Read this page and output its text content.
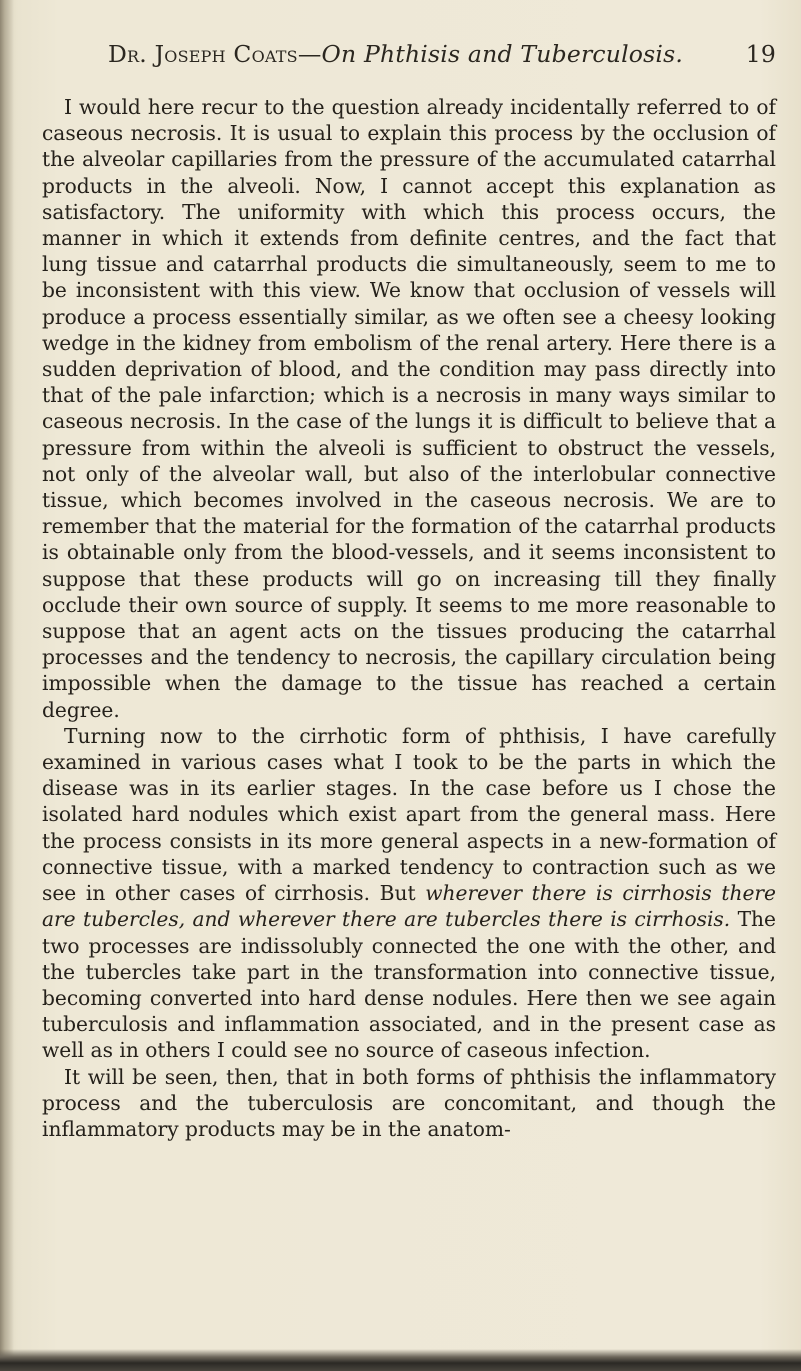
Dr. Joseph Coats—On Phthisis and Tuberculosis.	19

I would here recur to the question already incidentally referred to of caseous necrosis. It is usual to explain this process by the occlusion of the alveolar capillaries from the pressure of the accumulated catarrhal products in the alveoli. Now, I cannot accept this explanation as satisfactory. The uniformity with which this process occurs, the manner in which it extends from definite centres, and the fact that lung tissue and catarrhal products die simultaneously, seem to me to be inconsistent with this view. We know that occlusion of vessels will produce a process essentially similar, as we often see a cheesy looking wedge in the kidney from embolism of the renal artery. Here there is a sudden deprivation of blood, and the condition may pass directly into that of the pale infarction; which is a necrosis in many ways similar to caseous necrosis. In the case of the lungs it is difficult to believe that a pressure from within the alveoli is sufficient to obstruct the vessels, not only of the alveolar wall, but also of the interlobular connective tissue, which becomes involved in the caseous necrosis. We are to remember that the material for the formation of the catarrhal products is obtainable only from the blood-vessels, and it seems inconsistent to suppose that these products will go on increasing till they finally occlude their own source of supply. It seems to me more reasonable to suppose that an agent acts on the tissues producing the catarrhal processes and the tendency to necrosis, the capillary circulation being impossible when the damage to the tissue has reached a certain degree.

Turning now to the cirrhotic form of phthisis, I have carefully examined in various cases what I took to be the parts in which the disease was in its earlier stages. In the case before us I chose the isolated hard nodules which exist apart from the general mass. Here the process consists in its more general aspects in a new-formation of connective tissue, with a marked tendency to contraction such as we see in other cases of cirrhosis. But wherever there is cirrhosis there are tubercles, and wherever there are tubercles there is cirrhosis. The two processes are indissolubly connected the one with the other, and the tubercles take part in the transformation into connective tissue, becoming converted into hard dense nodules. Here then we see again tuberculosis and inflammation associated, and in the present case as well as in others I could see no source of caseous infection.

It will be seen, then, that in both forms of phthisis the inflammatory process and the tuberculosis are concomitant, and though the inflammatory products may be in the anatom-
